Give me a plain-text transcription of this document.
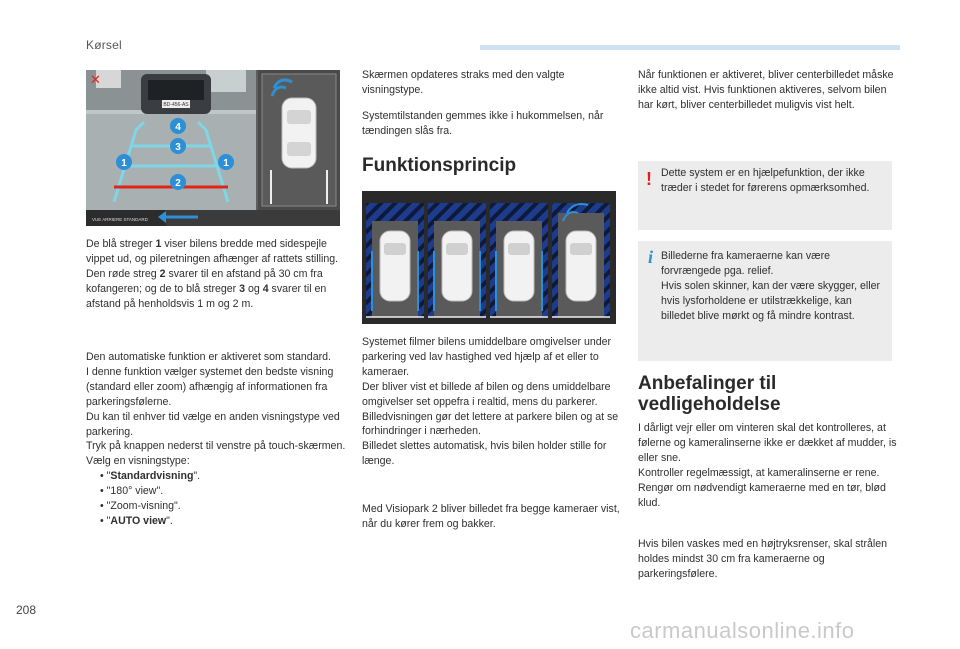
Kørsel
BD-456-AS
✕
4
3
1	1
2
VUE ARRIERE STANDARD
De blå streger 1 viser bilens bredde med sidespejle vippet ud, og pileretningen afhænger af rattets stilling.
Den røde streg 2 svarer til en afstand på 30 cm fra kofangeren; og de to blå streger 3 og 4 svarer til en afstand på henholdsvis 1 m og 2 m.
Den automatiske funktion er aktiveret som standard.
I denne funktion vælger systemet den bedste visning (standard eller zoom) afhængig af informationen fra parkeringsfølerne.
Du kan til enhver tid vælge en anden visningstype ved parkering.
Tryk på knappen nederst til venstre på touch-skærmen.
Vælg en visningstype:
• "Standardvisning".
• "180° view".
• "Zoom-visning".
• "AUTO view".
Skærmen opdateres straks med den valgte visningstype.
Systemtilstanden gemmes ikke i hukommelsen, når tændingen slås fra.
Funktionsprincip
Systemet filmer bilens umiddelbare omgivelser under parkering ved lav hastighed ved hjælp af et eller to kameraer.
Der bliver vist et billede af bilen og dens umiddelbare omgivelser set oppefra i realtid, mens du parkerer.
Billedvisningen gør det lettere at parkere bilen og at se forhindringer i nærheden.
Billedet slettes automatisk, hvis bilen holder stille for længe.
Med Visiopark 2 bliver billedet fra begge kameraer vist, når du kører frem og bakker.
Når funktionen er aktiveret, bliver centerbilledet måske ikke altid vist. Hvis funktionen aktiveres, selvom bilen har kørt, bliver centerbilledet muligvis vist helt.
! Dette system er en hjælpefunktion, der ikke træder i stedet for førerens opmærksomhed.
i Billederne fra kameraerne kan være forvrængede pga. relief.
Hvis solen skinner, kan der være skygger, eller hvis lysforholdene er utilstrækkelige, kan billedet blive mørkt og få mindre kontrast.
Anbefalinger til vedligeholdelse
I dårligt vejr eller om vinteren skal det kontrolleres, at følerne og kameralinserne ikke er dækket af mudder, is eller sne.
Kontroller regelmæssigt, at kameralinserne er rene.
Rengør om nødvendigt kameraerne med en tør, blød klud.
Hvis bilen vaskes med en højtryksrenser, skal strålen holdes mindst 30 cm fra kameraerne og parkeringsfølere.
208
carmanualsonline.info
